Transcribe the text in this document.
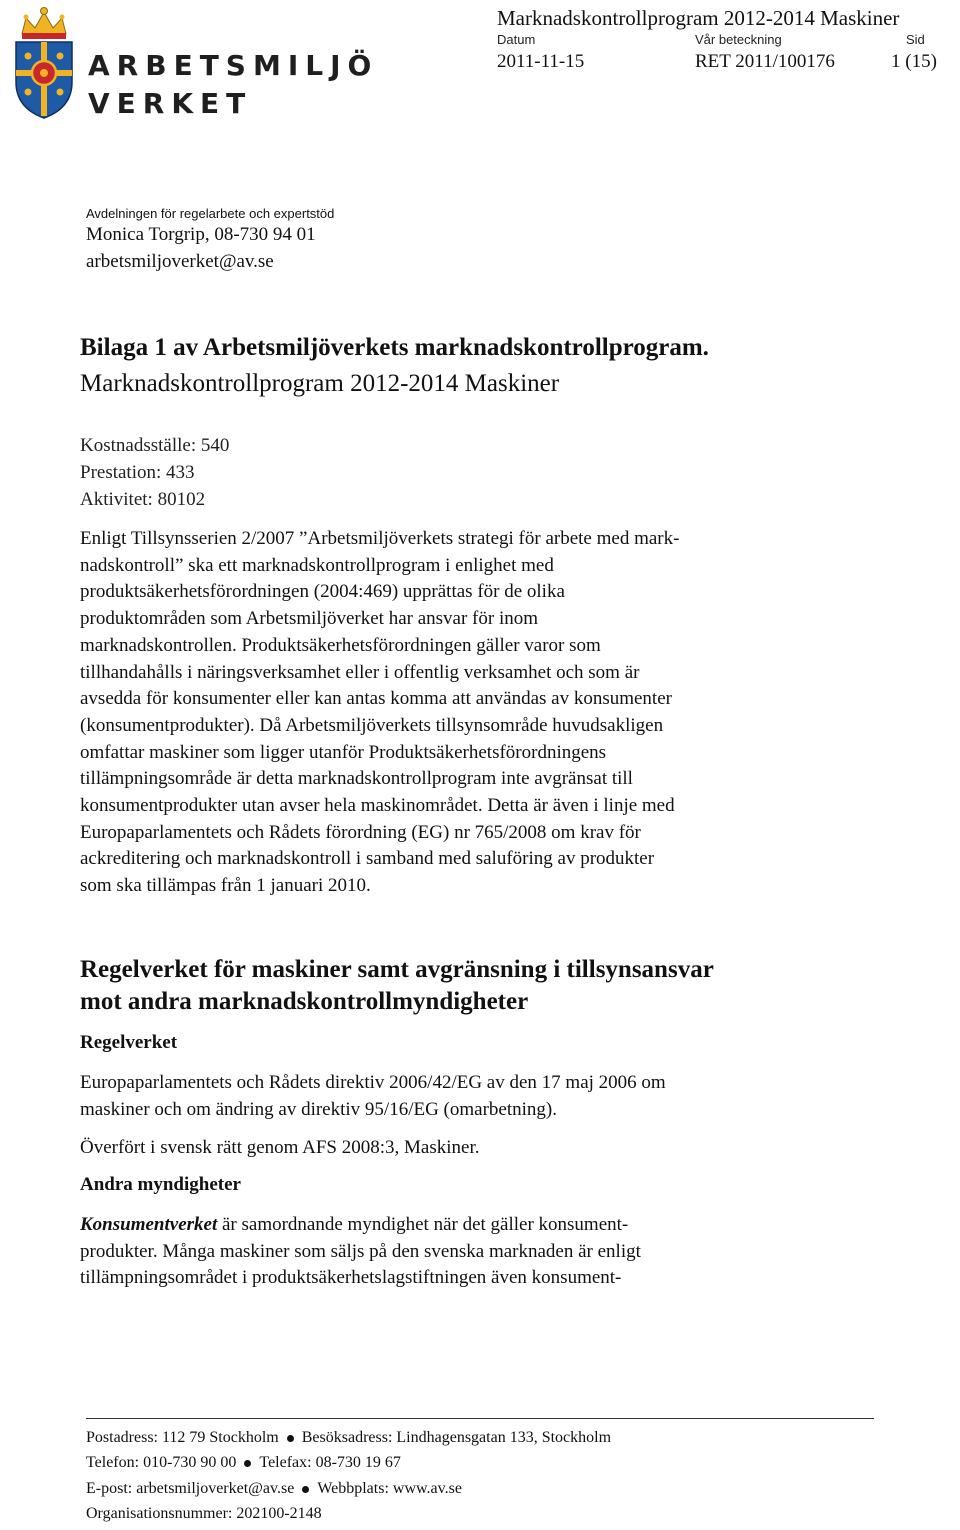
ARBETSMILJÖ
VERKET
Marknadskontrollprogram 2012-2014 Maskiner
Datum	Vår beteckning	Sid
2011-11-15	RET 2011/100176	1 (15)
Avdelningen för regelarbete och expertstöd
Monica Torgrip, 08-730 94 01
arbetsmiljoverket@av.se
Bilaga 1 av Arbetsmiljöverkets marknadskontrollprogram.
Marknadskontrollprogram 2012-2014 Maskiner
Kostnadsställe: 540
Prestation: 433
Aktivitet: 80102
Enligt Tillsynsserien 2/2007 ”Arbetsmiljöverkets strategi för arbete med mark-
nadskontroll” ska ett marknadskontrollprogram i enlighet med
produktsäkerhetsförordningen (2004:469) upprättas för de olika
produktområden som Arbetsmiljöverket har ansvar för inom
marknadskontrollen. Produktsäkerhetsförordningen gäller varor som
tillhandahålls i näringsverksamhet eller i offentlig verksamhet och som är
avsedda för konsumenter eller kan antas komma att användas av konsumenter
(konsumentprodukter). Då Arbetsmiljöverkets tillsynsområde huvudsakligen
omfattar maskiner som ligger utanför Produktsäkerhetsförordningens
tillämpningsområde är detta marknadskontrollprogram inte avgränsat till
konsumentprodukter utan avser hela maskinområdet. Detta är även i linje med
Europaparlamentets och Rådets förordning (EG) nr 765/2008 om krav för
ackreditering och marknadskontroll i samband med saluföring av produkter
som ska tillämpas från 1 januari 2010.
Regelverket för maskiner samt avgränsning i tillsynsansvar
mot andra marknadskontrollmyndigheter
Regelverket
Europaparlamentets och Rådets direktiv 2006/42/EG av den 17 maj 2006 om
maskiner och om ändring av direktiv 95/16/EG (omarbetning).
Överfört i svensk rätt genom AFS 2008:3, Maskiner.
Andra myndigheter
Konsumentverket är samordnande myndighet när det gäller konsument-
produkter. Många maskiner som säljs på den svenska marknaden är enligt
tillämpningsområdet i produktsäkerhetslagstiftningen även konsument-
Postadress: 112 79 Stockholm Besöksadress: Lindhagensgatan 133, Stockholm
Telefon: 010-730 90 00 Telefax: 08-730 19 67
E-post: arbetsmiljoverket@av.se Webbplats: www.av.se
Organisationsnummer: 202100-2148
